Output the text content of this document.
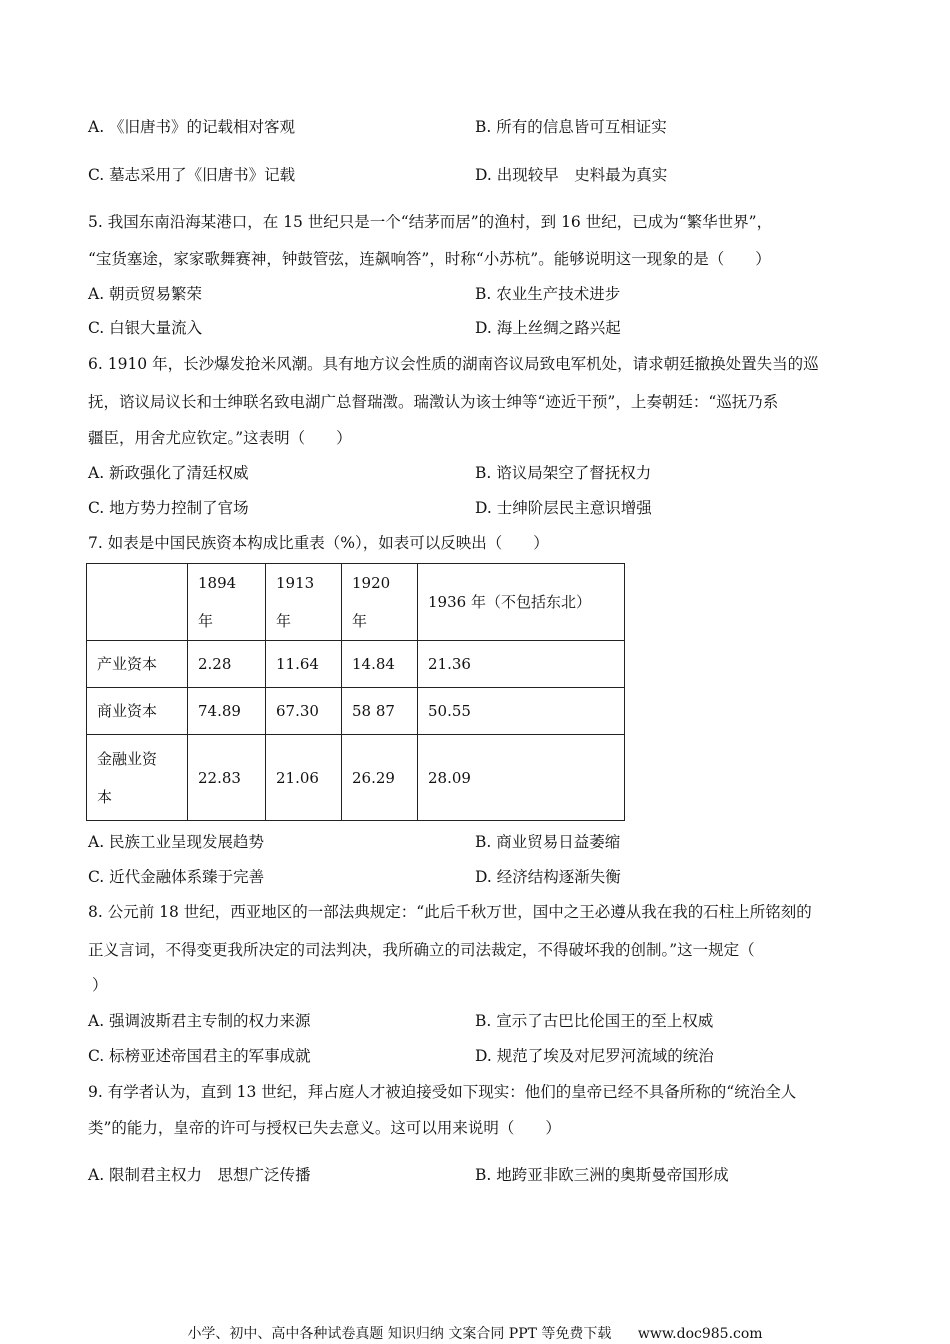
A. 《旧唐书》的记载相对客观	B. 所有的信息皆可互相证实
C. 墓志采用了《旧唐书》记载	D. 出现较早　史料最为真实
5. 我国东南沿海某港口，在 15 世纪只是一个“结茅而居”的渔村，到 16 世纪，已成为“繁华世界”，
“宝货塞途，家家歌舞赛神，钟鼓管弦，连飙响答”，时称“小苏杭”。能够说明这一现象的是（　　）
A. 朝贡贸易繁荣	B. 农业生产技术进步
C. 白银大量流入	D. 海上丝绸之路兴起
6. 1910 年，长沙爆发抢米风潮。具有地方议会性质的湖南咨议局致电军机处，请求朝廷撤换处置失当的巡
抚，谘议局议长和士绅联名致电湖广总督瑞澂。瑞澂认为该士绅等“迹近干预”，上奏朝廷：“巡抚乃系
疆臣，用舍尤应钦定。”这表明（　　）
A. 新政强化了清廷权威	B. 谘议局架空了督抚权力
C. 地方势力控制了官场	D. 士绅阶层民主意识增强
7. 如表是中国民族资本构成比重表（%），如表可以反映出（　　）
	1894 年	1913 年	1920 年	1936 年（不包括东北）
产业资本	2.28	11.64	14.84	21.36
商业资本	74.89	67.30	58 87	50.55

金融业资
本	22.83	21.06	26.29	28.09
A. 民族工业呈现发展趋势	B. 商业贸易日益萎缩
C. 近代金融体系臻于完善	D. 经济结构逐渐失衡
8. 公元前 18 世纪，西亚地区的一部法典规定：“此后千秋万世，国中之王必遵从我在我的石柱上所铭刻的
正义言词，不得变更我所决定的司法判决，我所确立的司法裁定，不得破坏我的创制。”这一规定（
）
A. 强调波斯君主专制的权力来源	B. 宣示了古巴比伦国王的至上权威
C. 标榜亚述帝国君主的军事成就	D. 规范了埃及对尼罗河流域的统治
9. 有学者认为，直到 13 世纪，拜占庭人才被迫接受如下现实：他们的皇帝已经不具备所称的“统治全人
类”的能力，皇帝的许可与授权已失去意义。这可以用来说明（　　）
A. 限制君主权力　思想广泛传播	B. 地跨亚非欧三洲的奥斯曼帝国形成
小学、初中、高中各种试卷真题 知识归纳 文案合同 PPT 等免费下载 www.doc985.com
